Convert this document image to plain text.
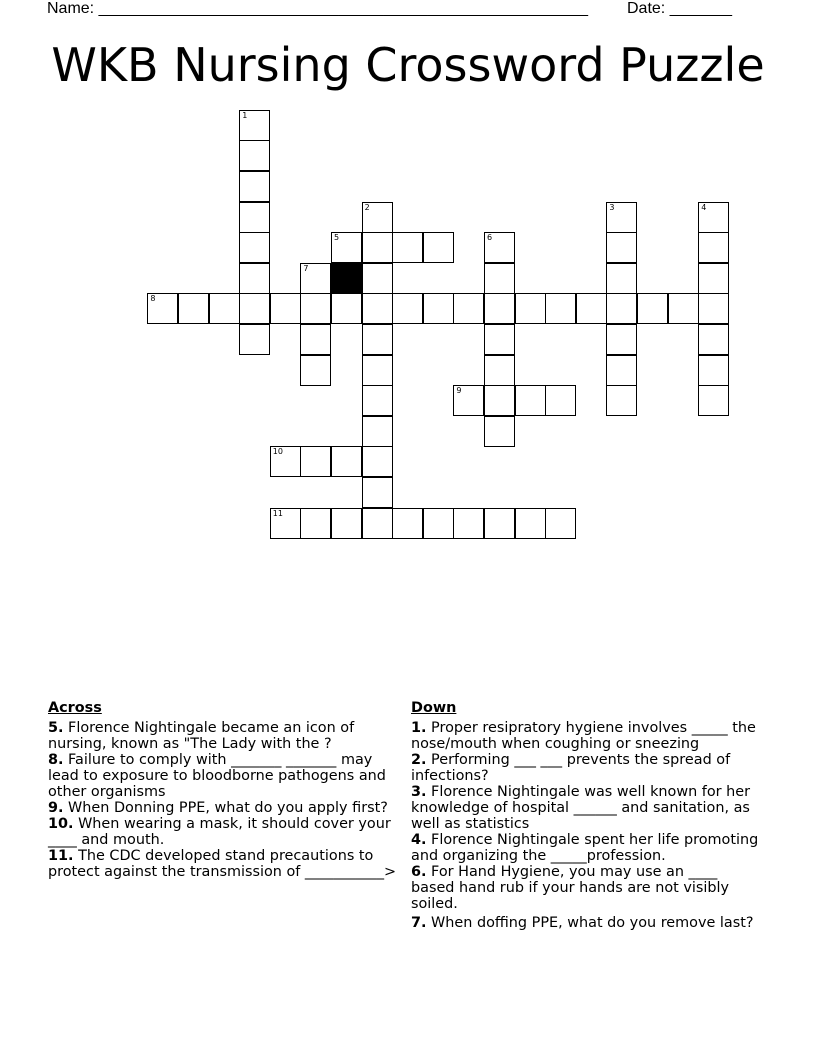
Name: _______________________________________________________ Date: _______
WKB Nursing Crossword Puzzle
1
2	3	4
5	6
7
8
9
10
11
Across
5. Florence Nightingale became an icon of nursing, known as "The Lady with the ?
8. Failure to comply with _______ _______ may lead to exposure to bloodborne pathogens and other organisms
9. When Donning PPE, what do you apply first?
10. When wearing a mask, it should cover your ____ and mouth.
11. The CDC developed stand precautions to protect against the transmission of ___________>
Down
1. Proper resipratory hygiene involves _____ the nose/mouth when coughing or sneezing
2. Performing ___ ___ prevents the spread of infections?
3. Florence Nightingale was well known for her knowledge of hospital ______ and sanitation, as well as statistics
4. Florence Nightingale spent her life promoting and organizing the _____profession.
6. For Hand Hygiene, you may use an ____ based hand rub if your hands are not visibly soiled.
7. When doffing PPE, what do you remove last?
